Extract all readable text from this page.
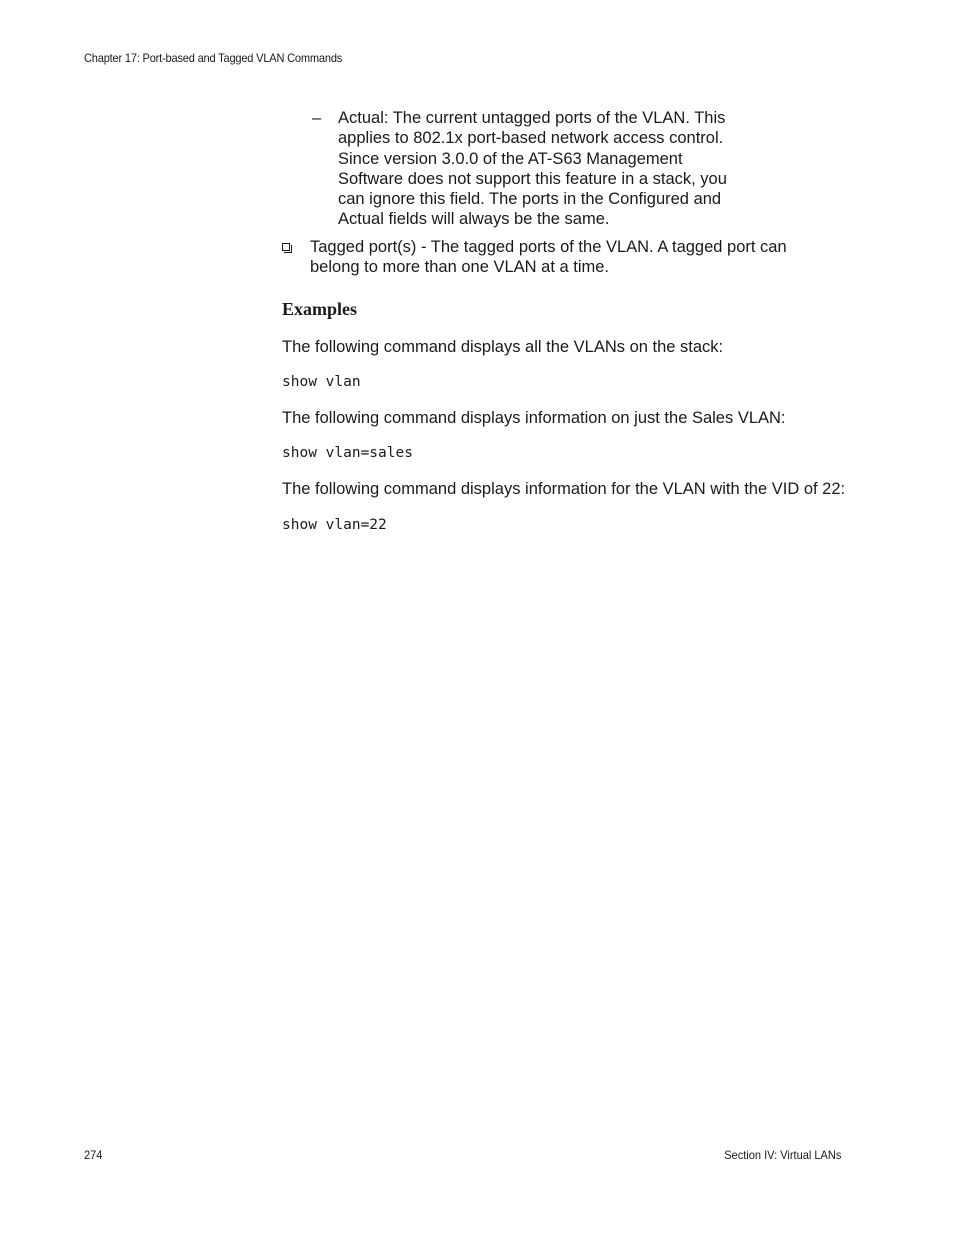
Chapter 17: Port-based and Tagged VLAN Commands
– Actual: The current untagged ports of the VLAN. This applies to 802.1x port-based network access control. Since version 3.0.0 of the AT-S63 Management Software does not support this feature in a stack, you can ignore this field. The ports in the Configured and Actual fields will always be the same.
Tagged port(s) - The tagged ports of the VLAN. A tagged port can belong to more than one VLAN at a time.
Examples
The following command displays all the VLANs on the stack:
show vlan
The following command displays information on just the Sales VLAN:
show vlan=sales
The following command displays information for the VLAN with the VID of 22:
show vlan=22
274	Section IV: Virtual LANs
